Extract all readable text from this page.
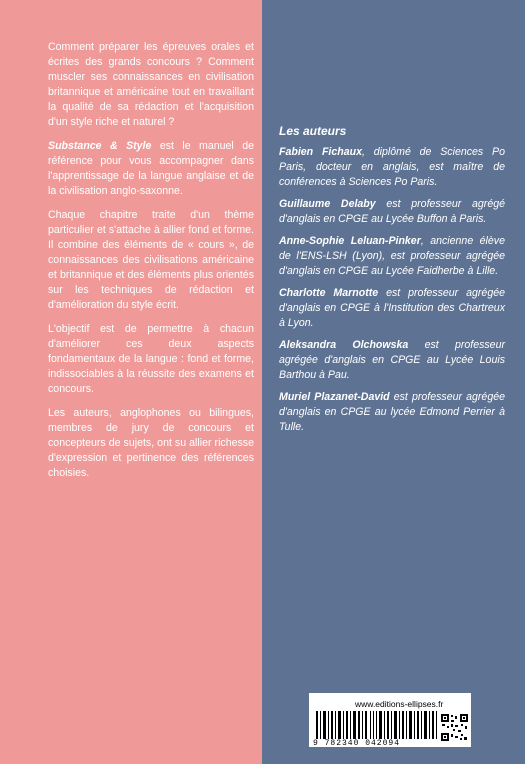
Comment préparer les épreuves orales et écrites des grands concours ? Comment muscler ses connaissances en civilisation britannique et américaine tout en travaillant la qualité de sa rédaction et l'acquisition d'un style riche et naturel ?

Substance & Style est le manuel de référence pour vous accompagner dans l'apprentissage de la langue anglaise et de la civilisation anglo-saxonne.

Chaque chapitre traite d'un thème particulier et s'attache à allier fond et forme. Il combine des éléments de « cours », de connaissances des civilisations américaine et britannique et des éléments plus orientés sur les techniques de rédaction et d'amélioration du style écrit.

L'objectif est de permettre à chacun d'améliorer ces deux aspects fondamentaux de la langue : fond et forme, indissociables à la réussite des examens et concours.

Les auteurs, anglophones ou bilingues, membres de jury de concours et concepteurs de sujets, ont su allier richesse d'expression et pertinence des références choisies.

Les auteurs

Fabien Fichaux, diplômé de Sciences Po Paris, docteur en anglais, est maître de conférences à Sciences Po Paris.

Guillaume Delaby est professeur agrégé d'anglais en CPGE au Lycée Buffon à Paris.

Anne-Sophie Leluan-Pinker, ancienne élève de l'ENS-LSH (Lyon), est professeur agrégée d'anglais en CPGE au Lycée Faidherbe à Lille.

Charlotte Marnotte est professeur agrégée d'anglais en CPGE à l'Institution des Chartreux à Lyon.

Aleksandra Olchowska est professeur agrégée d'anglais en CPGE au Lycée Louis Barthou à Pau.

Muriel Plazanet-David est professeur agrégée d'anglais en CPGE au lycée Edmond Perrier à Tulle.

www.editions-ellipses.fr
9 782340 042094
